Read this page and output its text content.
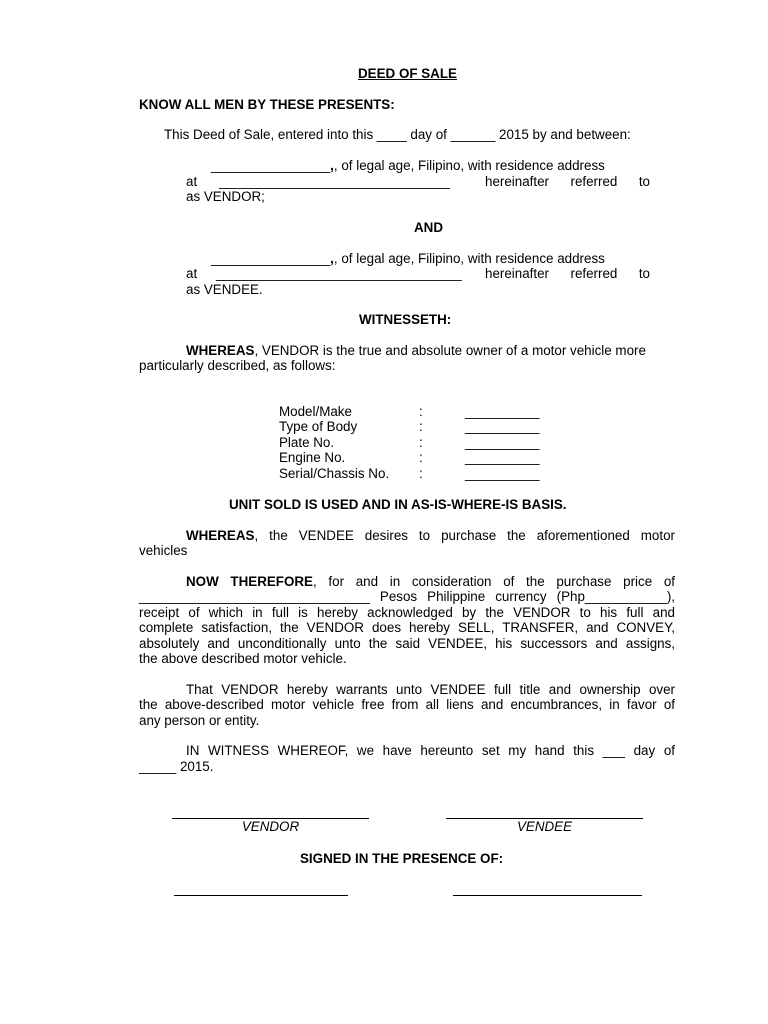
DEED OF SALE

KNOW ALL MEN BY THESE PRESENTS:

This Deed of Sale, entered into this ____ day of ______ 2015 by and between:

________________,, of legal age, Filipino, with residence address

at _______________________________	hereinafter referred to

as VENDOR;

AND

________________,, of legal age, Filipino, with residence address

at _________________________________ hereinafter referred to

as VENDEE.

WITNESSETH:

WHEREAS, VENDOR is the true and absolute owner of a motor vehicle more

particularly described, as follows:

Model/Make	:	__________
Type of Body	:	__________
Plate No.	:	__________
Engine No.	:	__________
Serial/Chassis No. :	__________

UNIT SOLD IS USED AND IN AS-IS-WHERE-IS BASIS.

WHEREAS, the VENDEE desires to purchase the aforementioned motor

vehicles

NOW THEREFORE, for and in consideration of the purchase price of

_______________________________ Pesos Philippine currency (Php___________),

receipt of which in full is hereby acknowledged by the VENDOR to his full and

complete satisfaction, the VENDOR does hereby SELL, TRANSFER, and CONVEY,

absolutely and unconditionally unto the said VENDEE, his successors and assigns,

the above described motor vehicle.

That VENDOR hereby warrants unto VENDEE full title and ownership over

the above-described motor vehicle free from all liens and encumbrances, in favor of

any person or entity.

IN WITNESS WHEREOF, we have hereunto set my hand this ___ day of

_____ 2015.

VENDOR	VENDEE

SIGNED IN THE PRESENCE OF:
